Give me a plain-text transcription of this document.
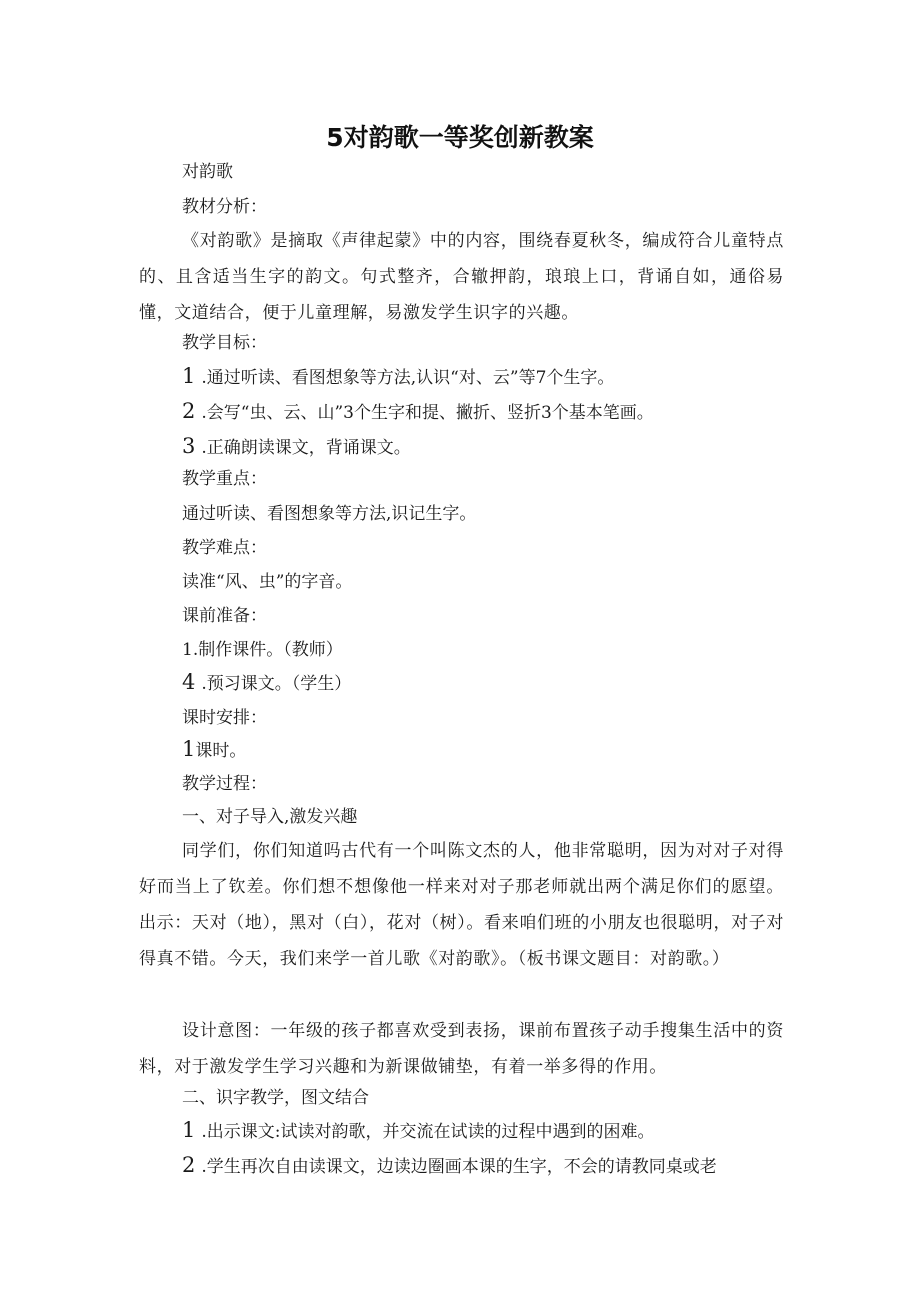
5对韵歌一等奖创新教案
对韵歌
教材分析：
《对韵歌》是摘取《声律起蒙》中的内容，围绕春夏秋冬，编成符合儿童特点的、且含适当生字的韵文。句式整齐，合辙押韵，琅琅上口，背诵自如，通俗易懂，文道结合，便于儿童理解，易激发学生识字的兴趣。
教学目标：
1 .通过听读、看图想象等方法,认识“对、云”等7个生字。
2 .会写“虫、云、山”3个生字和提、撇折、竖折3个基本笔画。
3 .正确朗读课文，背诵课文。
教学重点：
通过听读、看图想象等方法,识记生字。
教学难点：
读准“风、虫”的字音。
课前准备：
1.制作课件。（教师）
4 .预习课文。（学生）
课时安排：
1课时。
教学过程：
一、对子导入,激发兴趣
同学们，你们知道吗古代有一个叫陈文杰的人，他非常聪明，因为对对子对得好而当上了钦差。你们想不想像他一样来对对子那老师就出两个满足你们的愿望。出示：天对（地），黑对（白），花对（树）。看来咱们班的小朋友也很聪明，对子对得真不错。今天，我们来学一首儿歌《对韵歌》。（板书课文题目：对韵歌。）
设计意图：一年级的孩子都喜欢受到表扬，课前布置孩子动手搜集生活中的资料，对于激发学生学习兴趣和为新课做铺垫，有着一举多得的作用。
二、识字教学，图文结合
1 .出示课文:试读对韵歌，并交流在试读的过程中遇到的困难。
2 .学生再次自由读课文，边读边圈画本课的生字，不会的请教同桌或老
